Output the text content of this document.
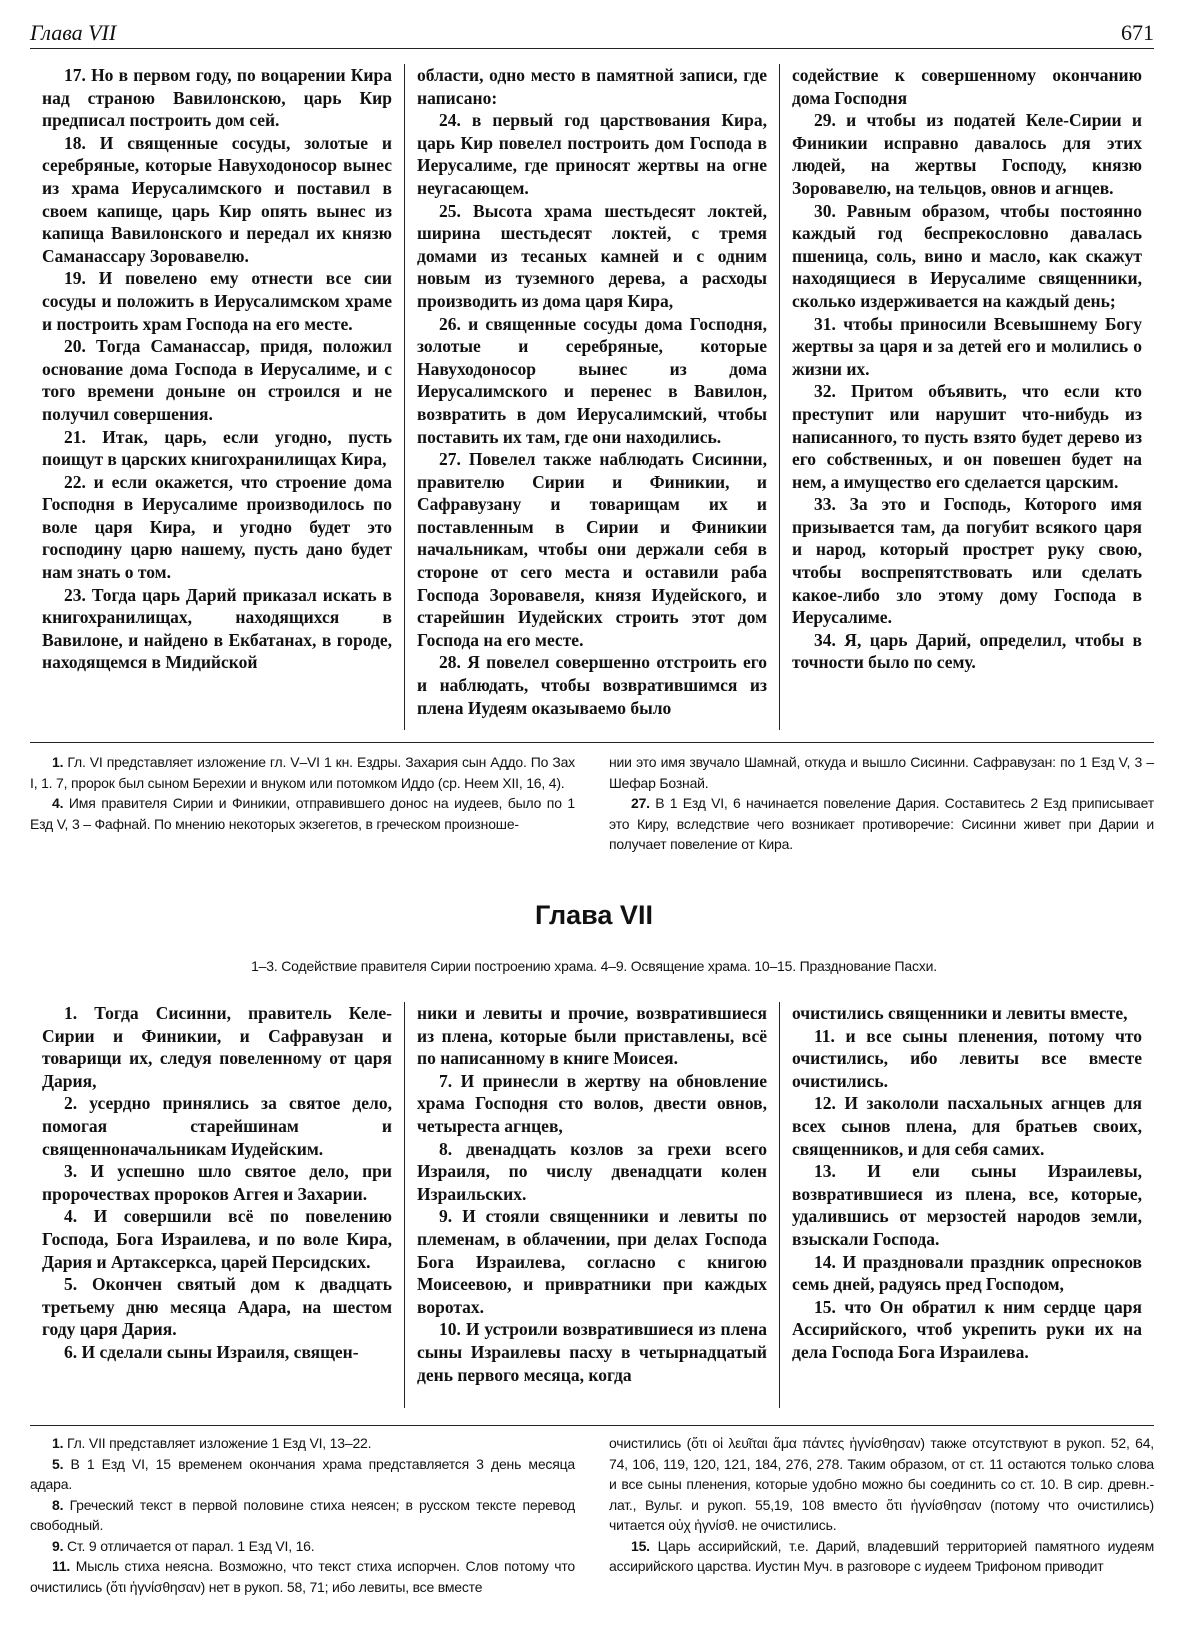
Глава VII	671

17. Но в первом году, по воцарении Кира над страною Вавилонскою, царь Кир предписал построить дом сей.

18. И священные сосуды, золотые и серебряные, которые Навуходоносор вынес из храма Иерусалимского и поставил в своем капище, царь Кир опять вынес из капища Вавилонского и передал их князю Саманассару Зоровавелю.

19. И повелено ему отнести все сии сосуды и положить в Иерусалимском храме и построить храм Господа на его месте.

20. Тогда Саманассар, придя, положил основание дома Господа в Иерусалиме, и с того времени доныне он строился и не получил совершения.

21. Итак, царь, если угодно, пусть поищут в царских книгохранилищах Кира,

22. и если окажется, что строение дома Господня в Иерусалиме производилось по воле царя Кира, и угодно будет это господину царю нашему, пусть дано будет нам знать о том.

23. Тогда царь Дарий приказал искать в книгохранилищах, находящихся в Вавилоне, и найдено в Екбатанах, в городе, находящемся в Мидийской

области, одно место в памятной записи, где написано:

24. в первый год царствования Кира, царь Кир повелел построить дом Господа в Иерусалиме, где приносят жертвы на огне неугасающем.

25. Высота храма шестьдесят локтей, ширина шестьдесят локтей, с тремя домами из тесаных камней и с одним новым из туземного дерева, а расходы производить из дома царя Кира,

26. и священные сосуды дома Господня, золотые и серебряные, которые Навуходоносор вынес из дома Иерусалимского и перенес в Вавилон, возвратить в дом Иерусалимский, чтобы поставить их там, где они находились.

27. Повелел также наблюдать Сисинни, правителю Сирии и Финикии, и Сафравузану и товарищам их и поставленным в Сирии и Финикии начальникам, чтобы они держали себя в стороне от сего места и оставили раба Господа Зоровавеля, князя Иудейского, и старейшин Иудейских строить этот дом Господа на его месте.

28. Я повелел совершенно отстроить его и наблюдать, чтобы возвратившимся из плена Иудеям оказываемо было

содействие к совершенному окончанию дома Господня

29. и чтобы из податей Келе-Сирии и Финикии исправно давалось для этих людей, на жертвы Господу, князю Зоровавелю, на тельцов, овнов и агнцев.

30. Равным образом, чтобы постоянно каждый год беспрекословно давалась пшеница, соль, вино и масло, как скажут находящиеся в Иерусалиме священники, сколько издерживается на каждый день;

31. чтобы приносили Всевышнему Богу жертвы за царя и за детей его и молились о жизни их.

32. Притом объявить, что если кто преступит или нарушит что-нибудь из написанного, то пусть взято будет дерево из его собственных, и он повешен будет на нем, а имущество его сделается царским.

33. За это и Господь, Которого имя призывается там, да погубит всякого царя и народ, который прострет руку свою, чтобы воспрепятствовать или сделать какое-либо зло этому дому Господа в Иерусалиме.

34. Я, царь Дарий, определил, чтобы в точности было по сему.

1. Гл. VI представляет изложение гл. V–VI 1 кн. Ездры. Захария сын Аддо. По Зах I, 1. 7, пророк был сыном Берехии и внуком или потомком Иддо (ср. Неем XII, 16, 4).

4. Имя правителя Сирии и Финикии, отправившего донос на иудеев, было по 1 Езд V, 3 – Фафнай. По мнению некоторых экзегетов, в греческом произноше-

нии это имя звучало Шамнай, откуда и вышло Сисинни. Сафравузан: по 1 Езд V, 3 – Шефар Бознай.

27. В 1 Езд VI, 6 начинается повеление Дария. Составитесь 2 Езд приписывает это Киру, вследствие чего возникает противоречие: Сисинни живет при Дарии и получает повеление от Кира.

Глава VII
1–3. Содействие правителя Сирии построению храма. 4–9. Освящение храма. 10–15. Празднование Пасхи.

1. Тогда Сисинни, правитель Келе-Сирии и Финикии, и Сафравузан и товарищи их, следуя повеленному от царя Дария,

2. усердно принялись за святое дело, помогая старейшинам и священноначальникам Иудейским.

3. И успешно шло святое дело, при пророчествах пророков Аггея и Захарии.

4. И совершили всё по повелению Господа, Бога Израилева, и по воле Кира, Дария и Артаксеркса, царей Персидских.

5. Окончен святый дом к двадцать третьему дню месяца Адара, на шестом году царя Дария.

6. И сделали сыны Израиля, священ-

ники и левиты и прочие, возвратившиеся из плена, которые были приставлены, всё по написанному в книге Моисея.

7. И принесли в жертву на обновление храма Господня сто волов, двести овнов, четыреста агнцев,

8. двенадцать козлов за грехи всего Израиля, по числу двенадцати колен Израильских.

9. И стояли священники и левиты по племенам, в облачении, при делах Господа Бога Израилева, согласно с книгою Моисеевою, и привратники при каждых воротах.

10. И устроили возвратившиеся из плена сыны Израилевы пасху в четырнадцатый день первого месяца, когда

очистились священники и левиты вместе,

11. и все сыны пленения, потому что очистились, ибо левиты все вместе очистились.

12. И закололи пасхальных агнцев для всех сынов плена, для братьев своих, священников, и для себя самих.

13. И ели сыны Израилевы, возвратившиеся из плена, все, которые, удалившись от мерзостей народов земли, взыскали Господа.

14. И праздновали праздник опресноков семь дней, радуясь пред Господом,

15. что Он обратил к ним сердце царя Ассирийского, чтоб укрепить руки их на дела Господа Бога Израилева.

1. Гл. VII представляет изложение 1 Езд VI, 13–22.

5. В 1 Езд VI, 15 временем окончания храма представляется 3 день месяца адара.

8. Греческий текст в первой половине стиха неясен; в русском тексте перевод свободный.

9. Ст. 9 отличается от парал. 1 Езд VI, 16.

11. Мысль стиха неясна. Возможно, что текст стиха испорчен. Слов потому что очистились (ὅτι ἡγνίσθησαν) нет в рукоп. 58, 71; ибо левиты, все вместе

очистились (ὅτι οἱ λευῖται ἅμα πάντες ἡγνίσθησαν) также отсутствуют в рукоп. 52, 64, 74, 106, 119, 120, 121, 184, 276, 278. Таким образом, от ст. 11 остаются только слова и все сыны пленения, которые удобно можно бы соединить со ст. 10. В сир. древн.-лат., Вульг. и рукоп. 55,19, 108 вместо ὅτι ἡγνίσθησαν (потому что очистились) читается οὐχ ἡγνίσθ. не очистились.

15. Царь ассирийский, т.е. Дарий, владевший территорией памятного иудеям ассирийского царства. Иустин Муч. в разговоре с иудеем Трифоном приводит
